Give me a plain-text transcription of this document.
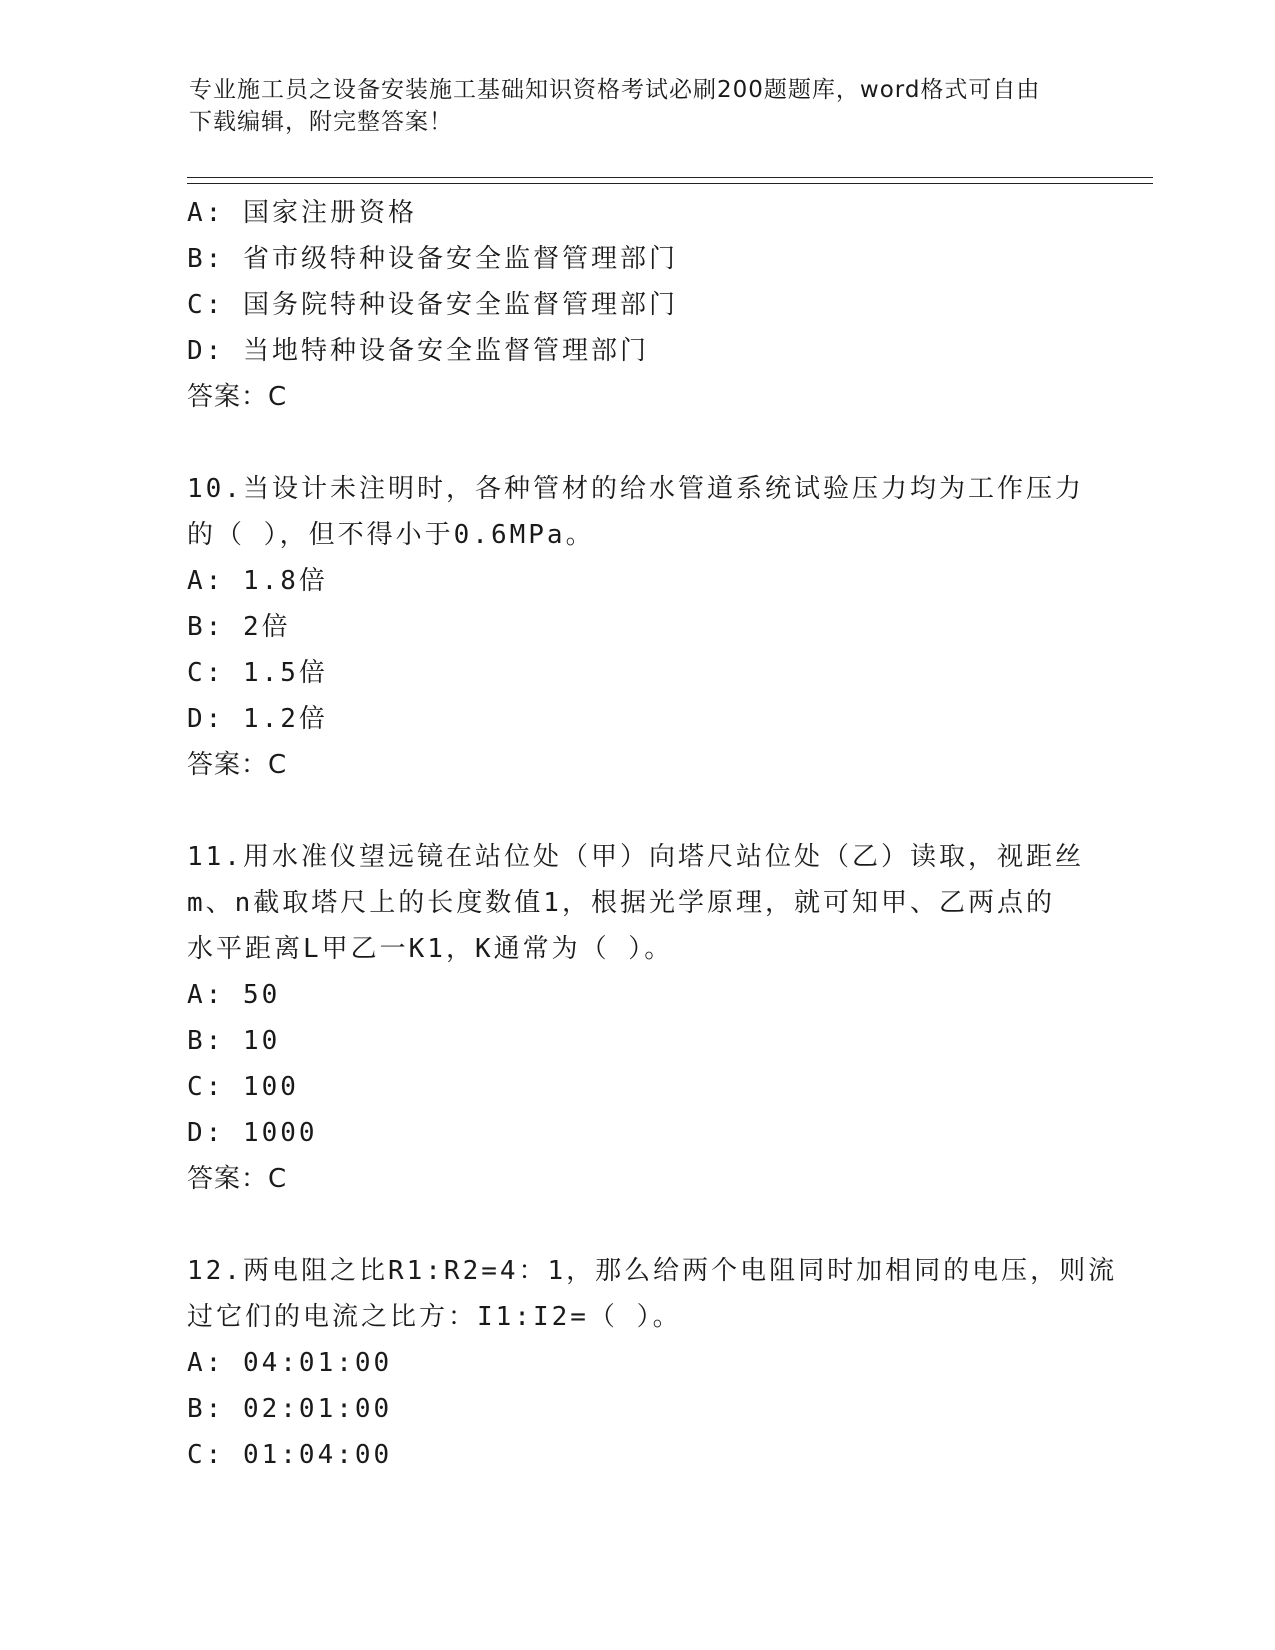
专业施工员之设备安装施工基础知识资格考试必刷200题题库，word格式可自由
下载编辑，附完整答案！
A: 国家注册资格
B: 省市级特种设备安全监督管理部门
C: 国务院特种设备安全监督管理部门
D: 当地特种设备安全监督管理部门
答案：C
10.当设计未注明时，各种管材的给水管道系统试验压力均为工作压力
的（ ），但不得小于0.6MPa。
A: 1.8倍
B: 2倍
C: 1.5倍
D: 1.2倍
答案：C
11.用水准仪望远镜在站位处（甲）向塔尺站位处（乙）读取，视距丝
m、n截取塔尺上的长度数值1，根据光学原理，就可知甲、乙两点的
水平距离L甲乙一K1，K通常为（ ）。
A: 50
B: 10
C: 100
D: 1000
答案：C
12.两电阻之比R1:R2=4：1，那么给两个电阻同时加相同的电压，则流
过它们的电流之比方：I1:I2=（ ）。
A: 04:01:00
B: 02:01:00
C: 01:04:00
